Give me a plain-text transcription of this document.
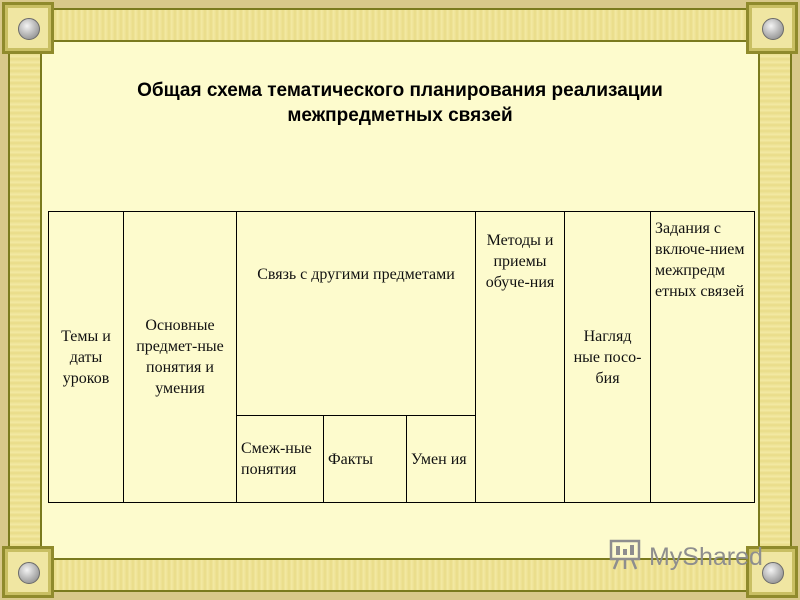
Общая схема тематического планирования реализации
межпредметных связей
Темы и даты уроков	Основные предмет-ные понятия и умения	Связь с другими предметами			Методы и приемы обуче-ния	Нагляд ные посо-бия	Задания с включе-нием межпредм етных связей
		Смеж-ные понятия	Факты	Умен ия			
MyShared
